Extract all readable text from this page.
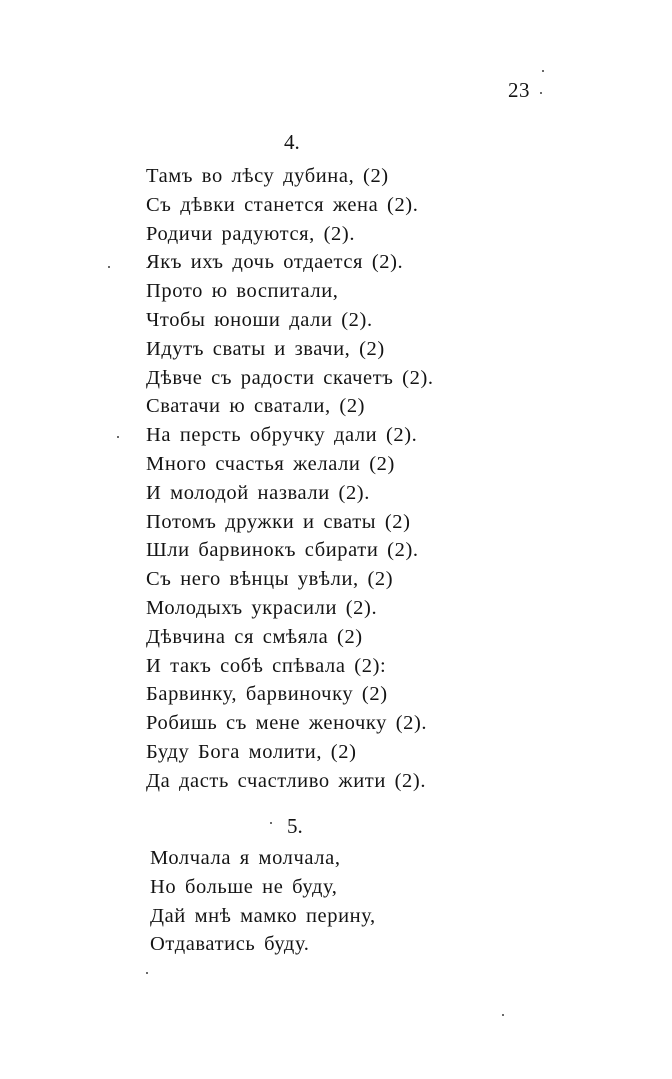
23
4.
Тамъ во лѣсу дубина, (2)
Съ дѣвки станется жена (2).
Родичи радуются, (2).
Якъ ихъ дочь отдается (2).
Прото ю воспитали,
Чтобы юноши дали (2).
Идутъ сваты и звачи, (2)
Дѣвче съ радости скачетъ (2).
Сватачи ю сватали, (2)
На персть обручку дали (2).
Много счастья желали (2)
И молодой назвали (2).
Потомъ дружки и сваты (2)
Шли барвинокъ сбирати (2).
Съ него вѣнцы увѣли, (2)
Молодыхъ украсили (2).
Дѣвчина ся смѣяла (2)
И такъ собѣ спѣвала (2):
Барвинку, барвиночку (2)
Робишь съ мене женочку (2).
Буду Бога молити, (2)
Да дасть счастливо жити (2).
5.
Молчала я молчала,
Но больше не буду,
Дай мнѣ мамко перину,
Отдаватись буду.
